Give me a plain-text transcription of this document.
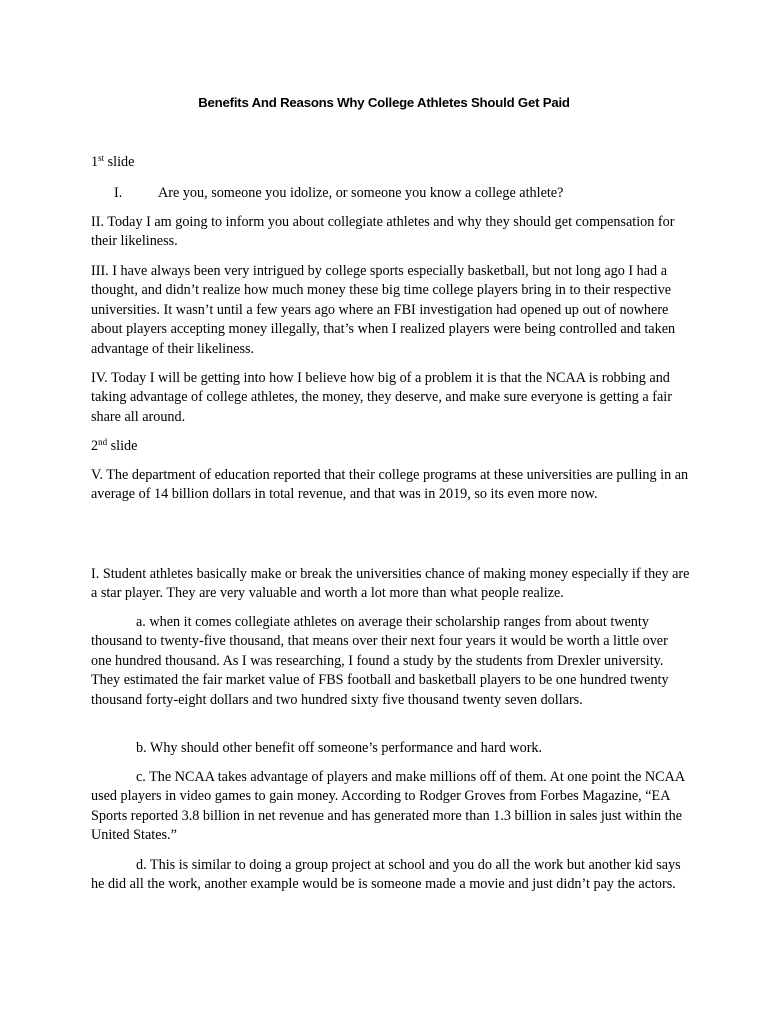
Benefits And Reasons Why College Athletes Should Get Paid

1st slide

I.	Are you, someone you idolize, or someone you know a college athlete?

II. Today I am going to inform you about collegiate athletes and why they should get compensation for their likeliness.

III. I have always been very intrigued by college sports especially basketball, but not long ago I had a thought, and didn’t realize how much money these big time college players bring in to their respective universities. It wasn’t until a few years ago where an FBI investigation had opened up out of nowhere about players accepting money illegally, that’s when I realized players were being controlled and taken advantage of their likeliness.

IV. Today I will be getting into how I believe how big of a problem it is that the NCAA is robbing and taking advantage of college athletes, the money, they deserve, and make sure everyone is getting a fair share all around.

2nd slide

V. The department of education reported that their college programs at these universities are pulling in an average of 14 billion dollars in total revenue, and that was in 2019, so its even more now.

I. Student athletes basically make or break the universities chance of making money especially if they are a star player. They are very valuable and worth a lot more than what people realize.

a. when it comes collegiate athletes on average their scholarship ranges from about twenty thousand to twenty-five thousand, that means over their next four years it would be worth a little over one hundred thousand. As I was researching, I found a study by the students from Drexler university. They estimated the fair market value of FBS football and basketball players to be one hundred twenty thousand forty-eight dollars and two hundred sixty five thousand twenty seven dollars.

b. Why should other benefit off someone’s performance and hard work.

c. The NCAA takes advantage of players and make millions off of them. At one point the NCAA used players in video games to gain money. According to Rodger Groves from Forbes Magazine, “EA Sports reported 3.8 billion in net revenue and has generated more than 1.3 billion in sales just within the United States.”

d. This is similar to doing a group project at school and you do all the work but another kid says he did all the work, another example would be is someone made a movie and just didn’t pay the actors.
